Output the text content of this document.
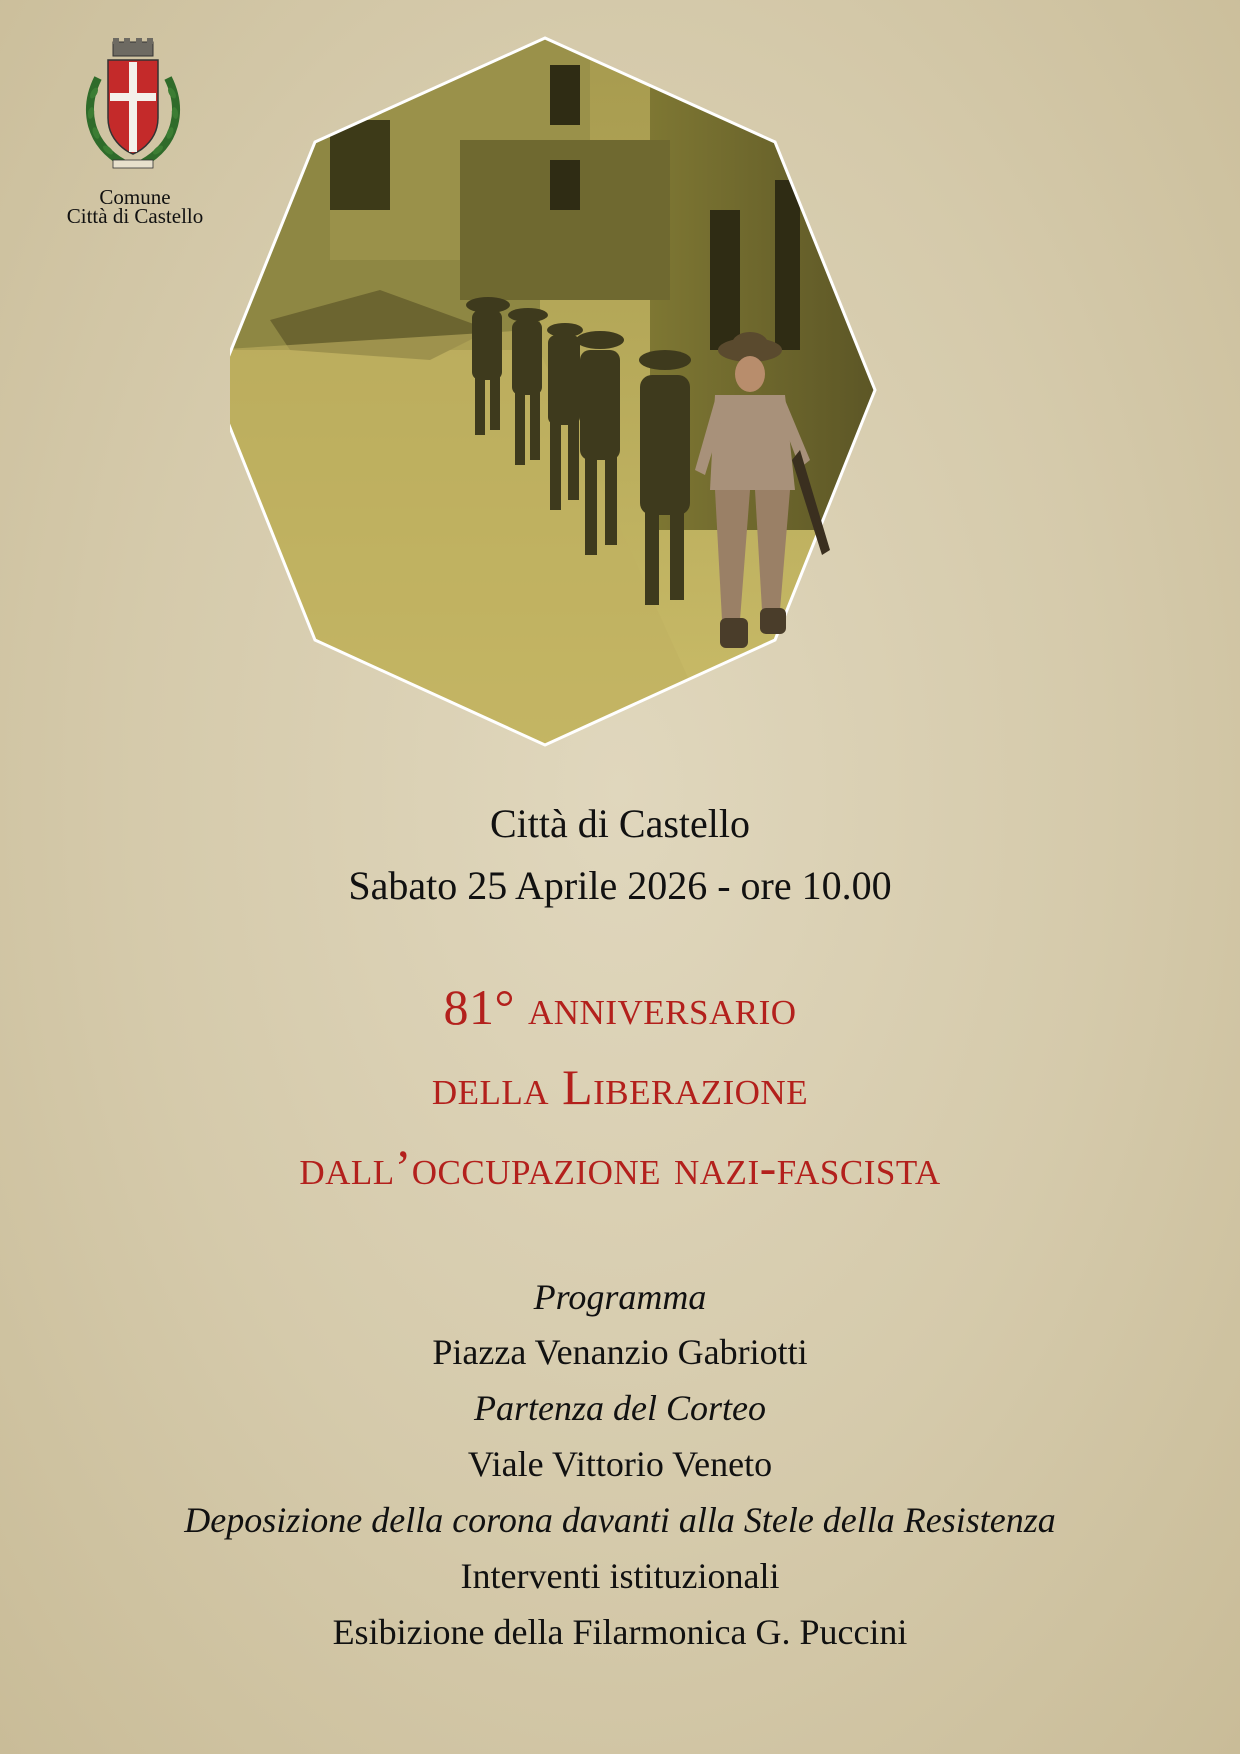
Comune
Città di Castello
Città di Castello
Sabato 25 Aprile 2026 - ore 10.00
81° anniversario
della Liberazione
dall’occupazione nazi-fascista
Programma
Piazza Venanzio Gabriotti
Partenza del Corteo
Viale Vittorio Veneto
Deposizione della corona davanti alla Stele della Resistenza
Interventi istituzionali
Esibizione della Filarmonica G. Puccini
